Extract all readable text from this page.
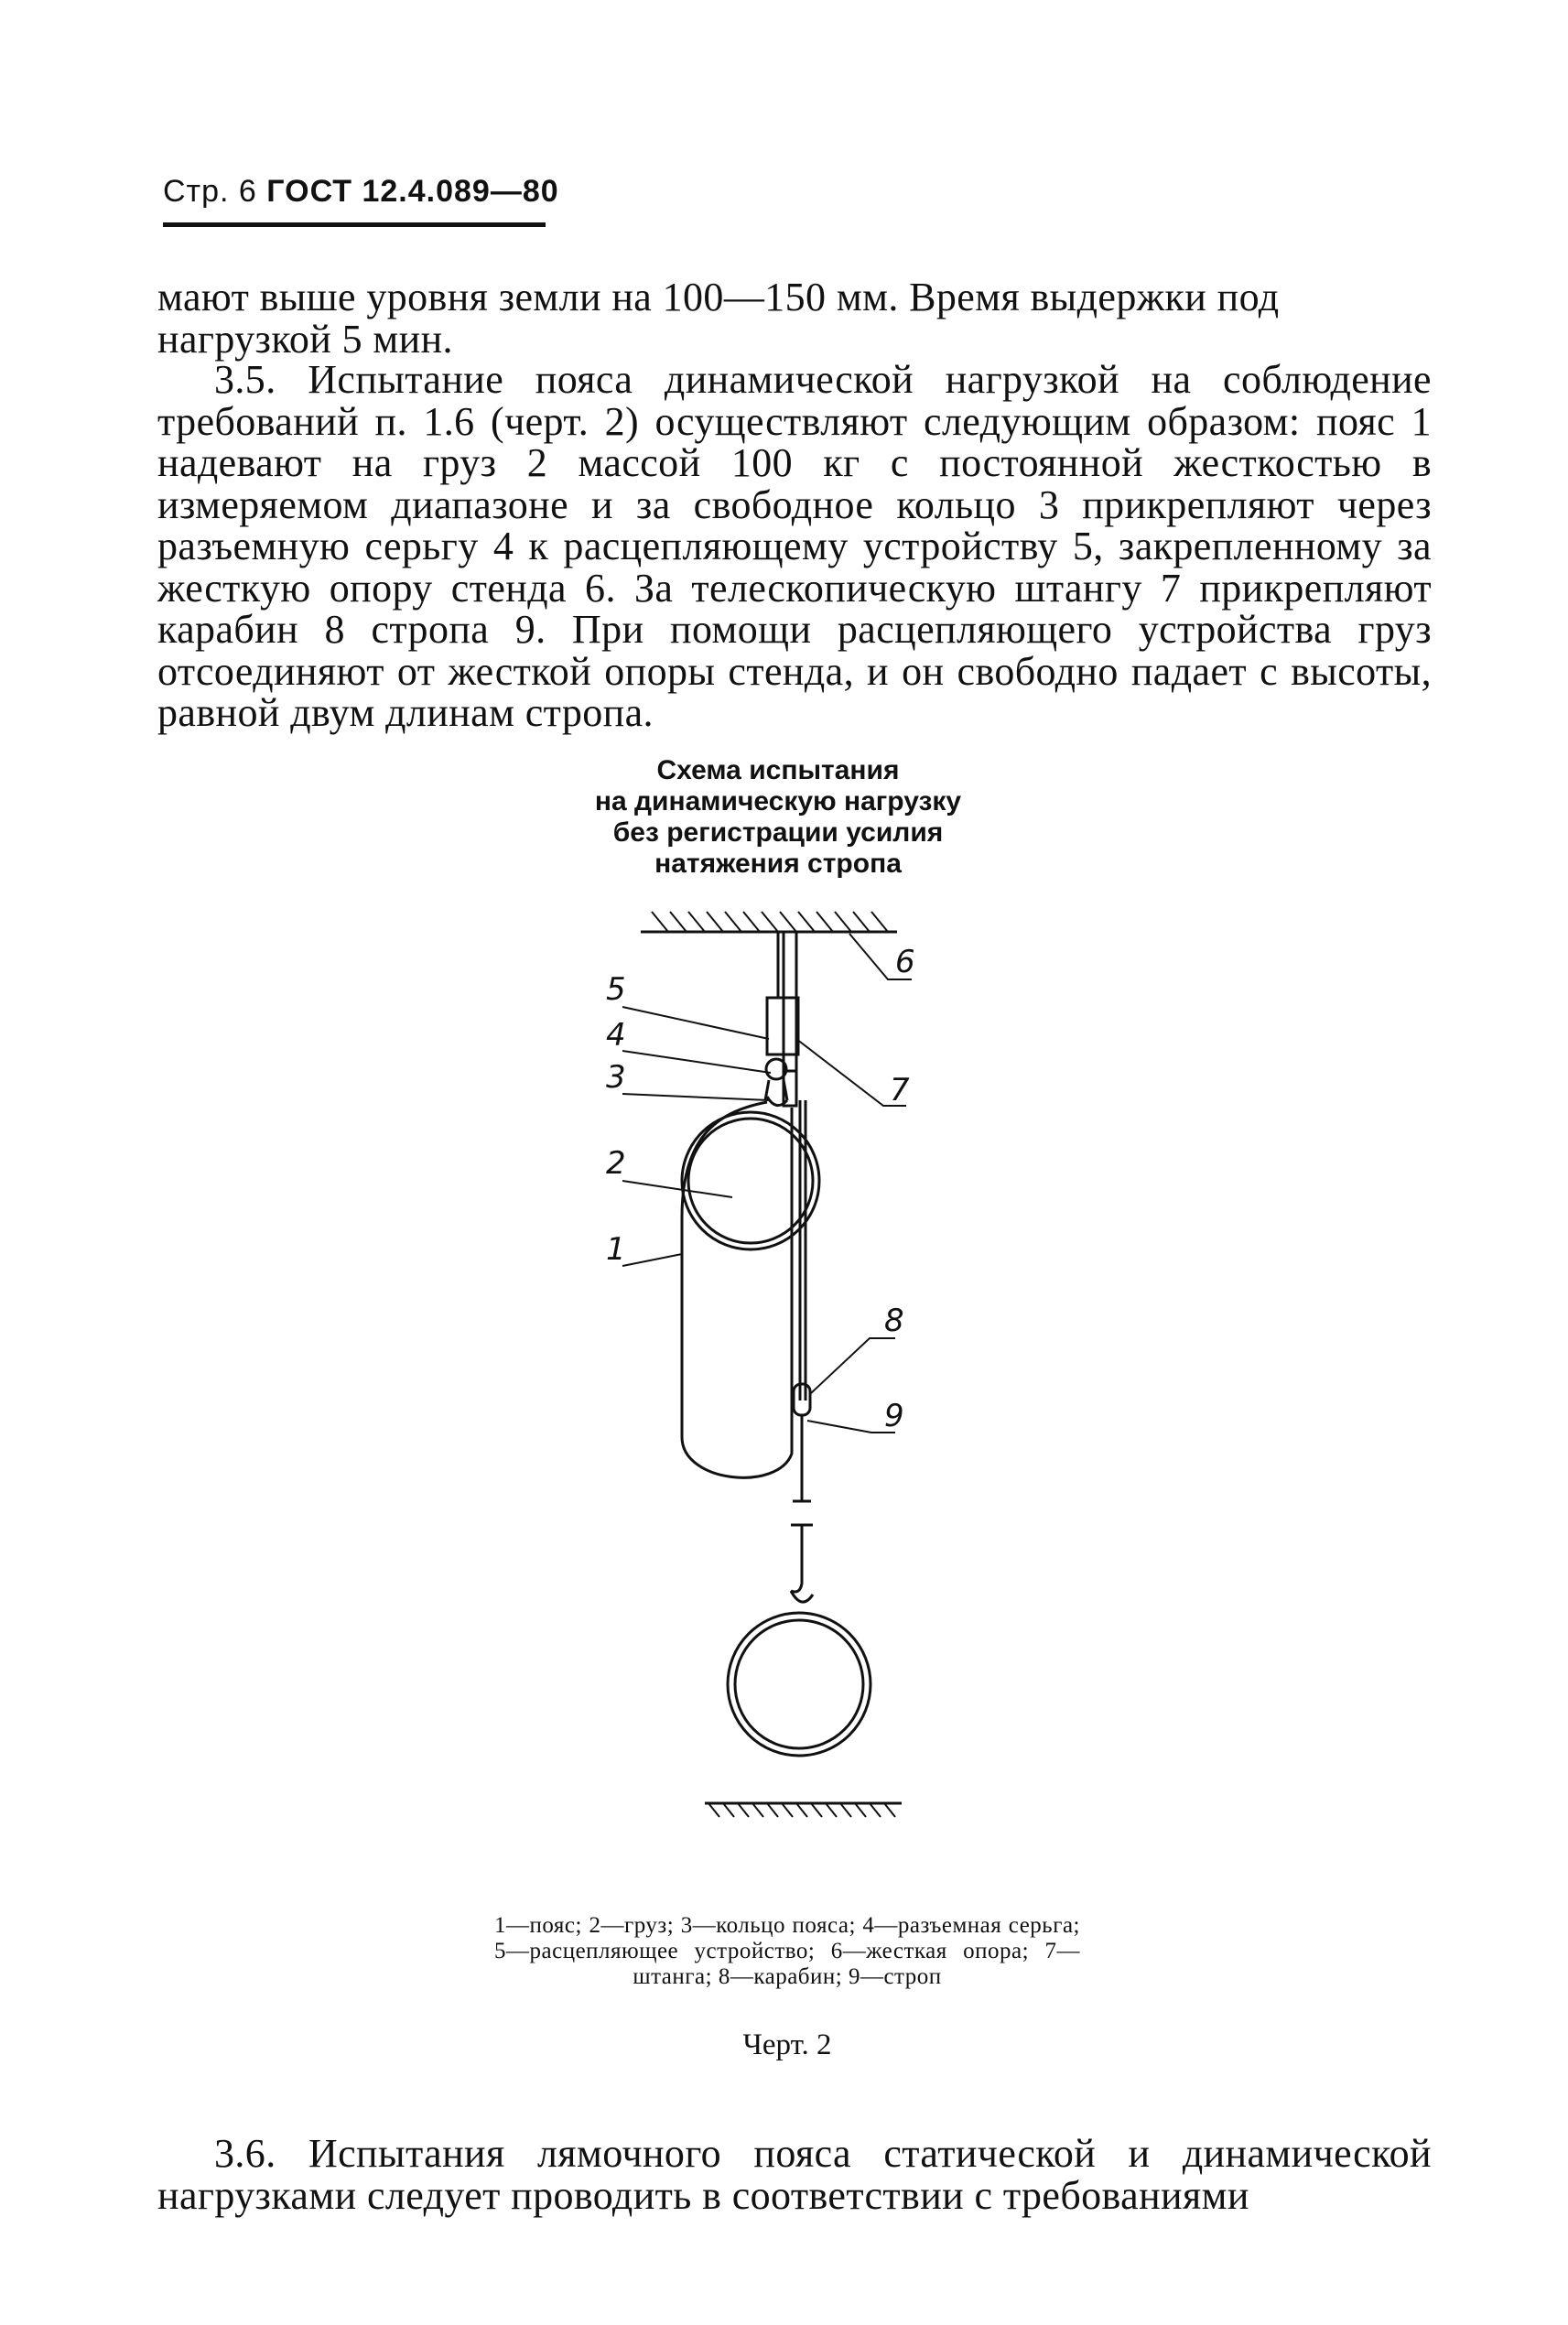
Стр. 6 ГОСТ 12.4.089—80

мают выше уровня земли на 100—150 мм. Время выдержки под нагрузкой 5 мин.

3.5. Испытание пояса динамической нагрузкой на соблюдение требований п. 1.6 (черт. 2) осуществляют следующим образом: пояс 1 надевают на груз 2 массой 100 кг с постоянной жесткостью в измеряемом диапазоне и за свободное кольцо 3 прикрепляют через разъемную серьгу 4 к расцепляющему устройству 5, закрепленному за жесткую опору стенда 6. За телескопическую штангу 7 прикрепляют карабин 8 стропа 9. При помощи расцепляющего устройства груз отсоединяют от жесткой опоры стенда, и он свободно падает с высоты, равной двум длинам стропа.

Схема испытания
на динамическую нагрузку
без регистрации усилия
натяжения стропа
6
5
4
3	7
2
1
8
9
1—пояс; 2—груз; 3—кольцо пояса; 4—разъемная серьга; 5—расцепляющее устройство; 6—жесткая опора; 7—штанга; 8—карабин; 9—строп
Черт. 2

3.6. Испытания лямочного пояса статической и динамической нагрузками следует проводить в соответствии с требованиями
